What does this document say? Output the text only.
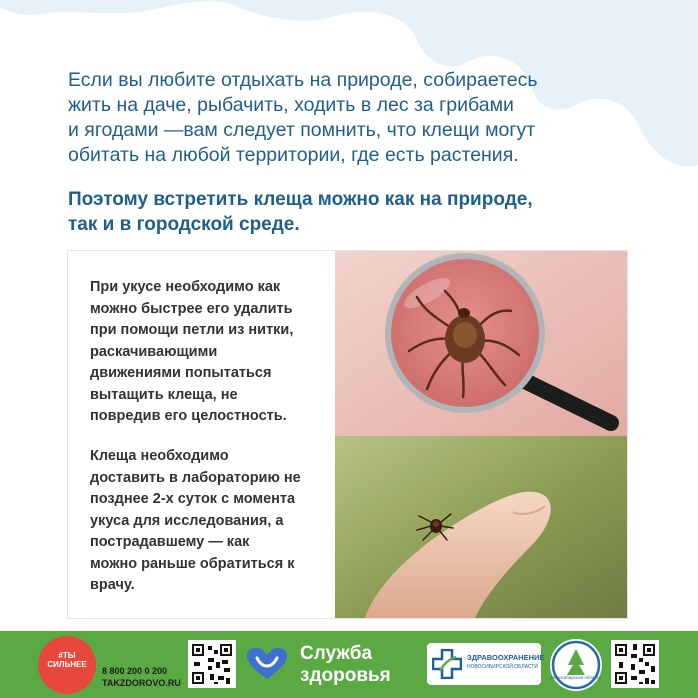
Если вы любите отдыхать на природе, собираетесь
жить на даче, рыбачить, ходить в лес за грибами
и ягодами —вам следует помнить, что клещи могут
обитать на любой территории, где есть растения.

Поэтому встретить клеща можно как на природе,
так и в городской среде.

При укусе необходимо как
можно быстрее его удалить
при помощи петли из нитки,
раскачивающими
движениями попытаться
вытащить клеща, не
повредив его целостность.

Клеща необходимо
доставить в лабораторию не
позднее 2-х суток с момента
укуса для исследования, а
пострадавшему — как
можно раньше обратиться к
врачу.

#ТЫ
СИЛЬНЕЕ
8 800 200 0 200
TAKZDOROVO.RU
Служба
здоровья
ЗДРАВООХРАНЕНИЕ
НОВОСИБИРСКОЙ ОБЛАСТИ
Новосибирская область
